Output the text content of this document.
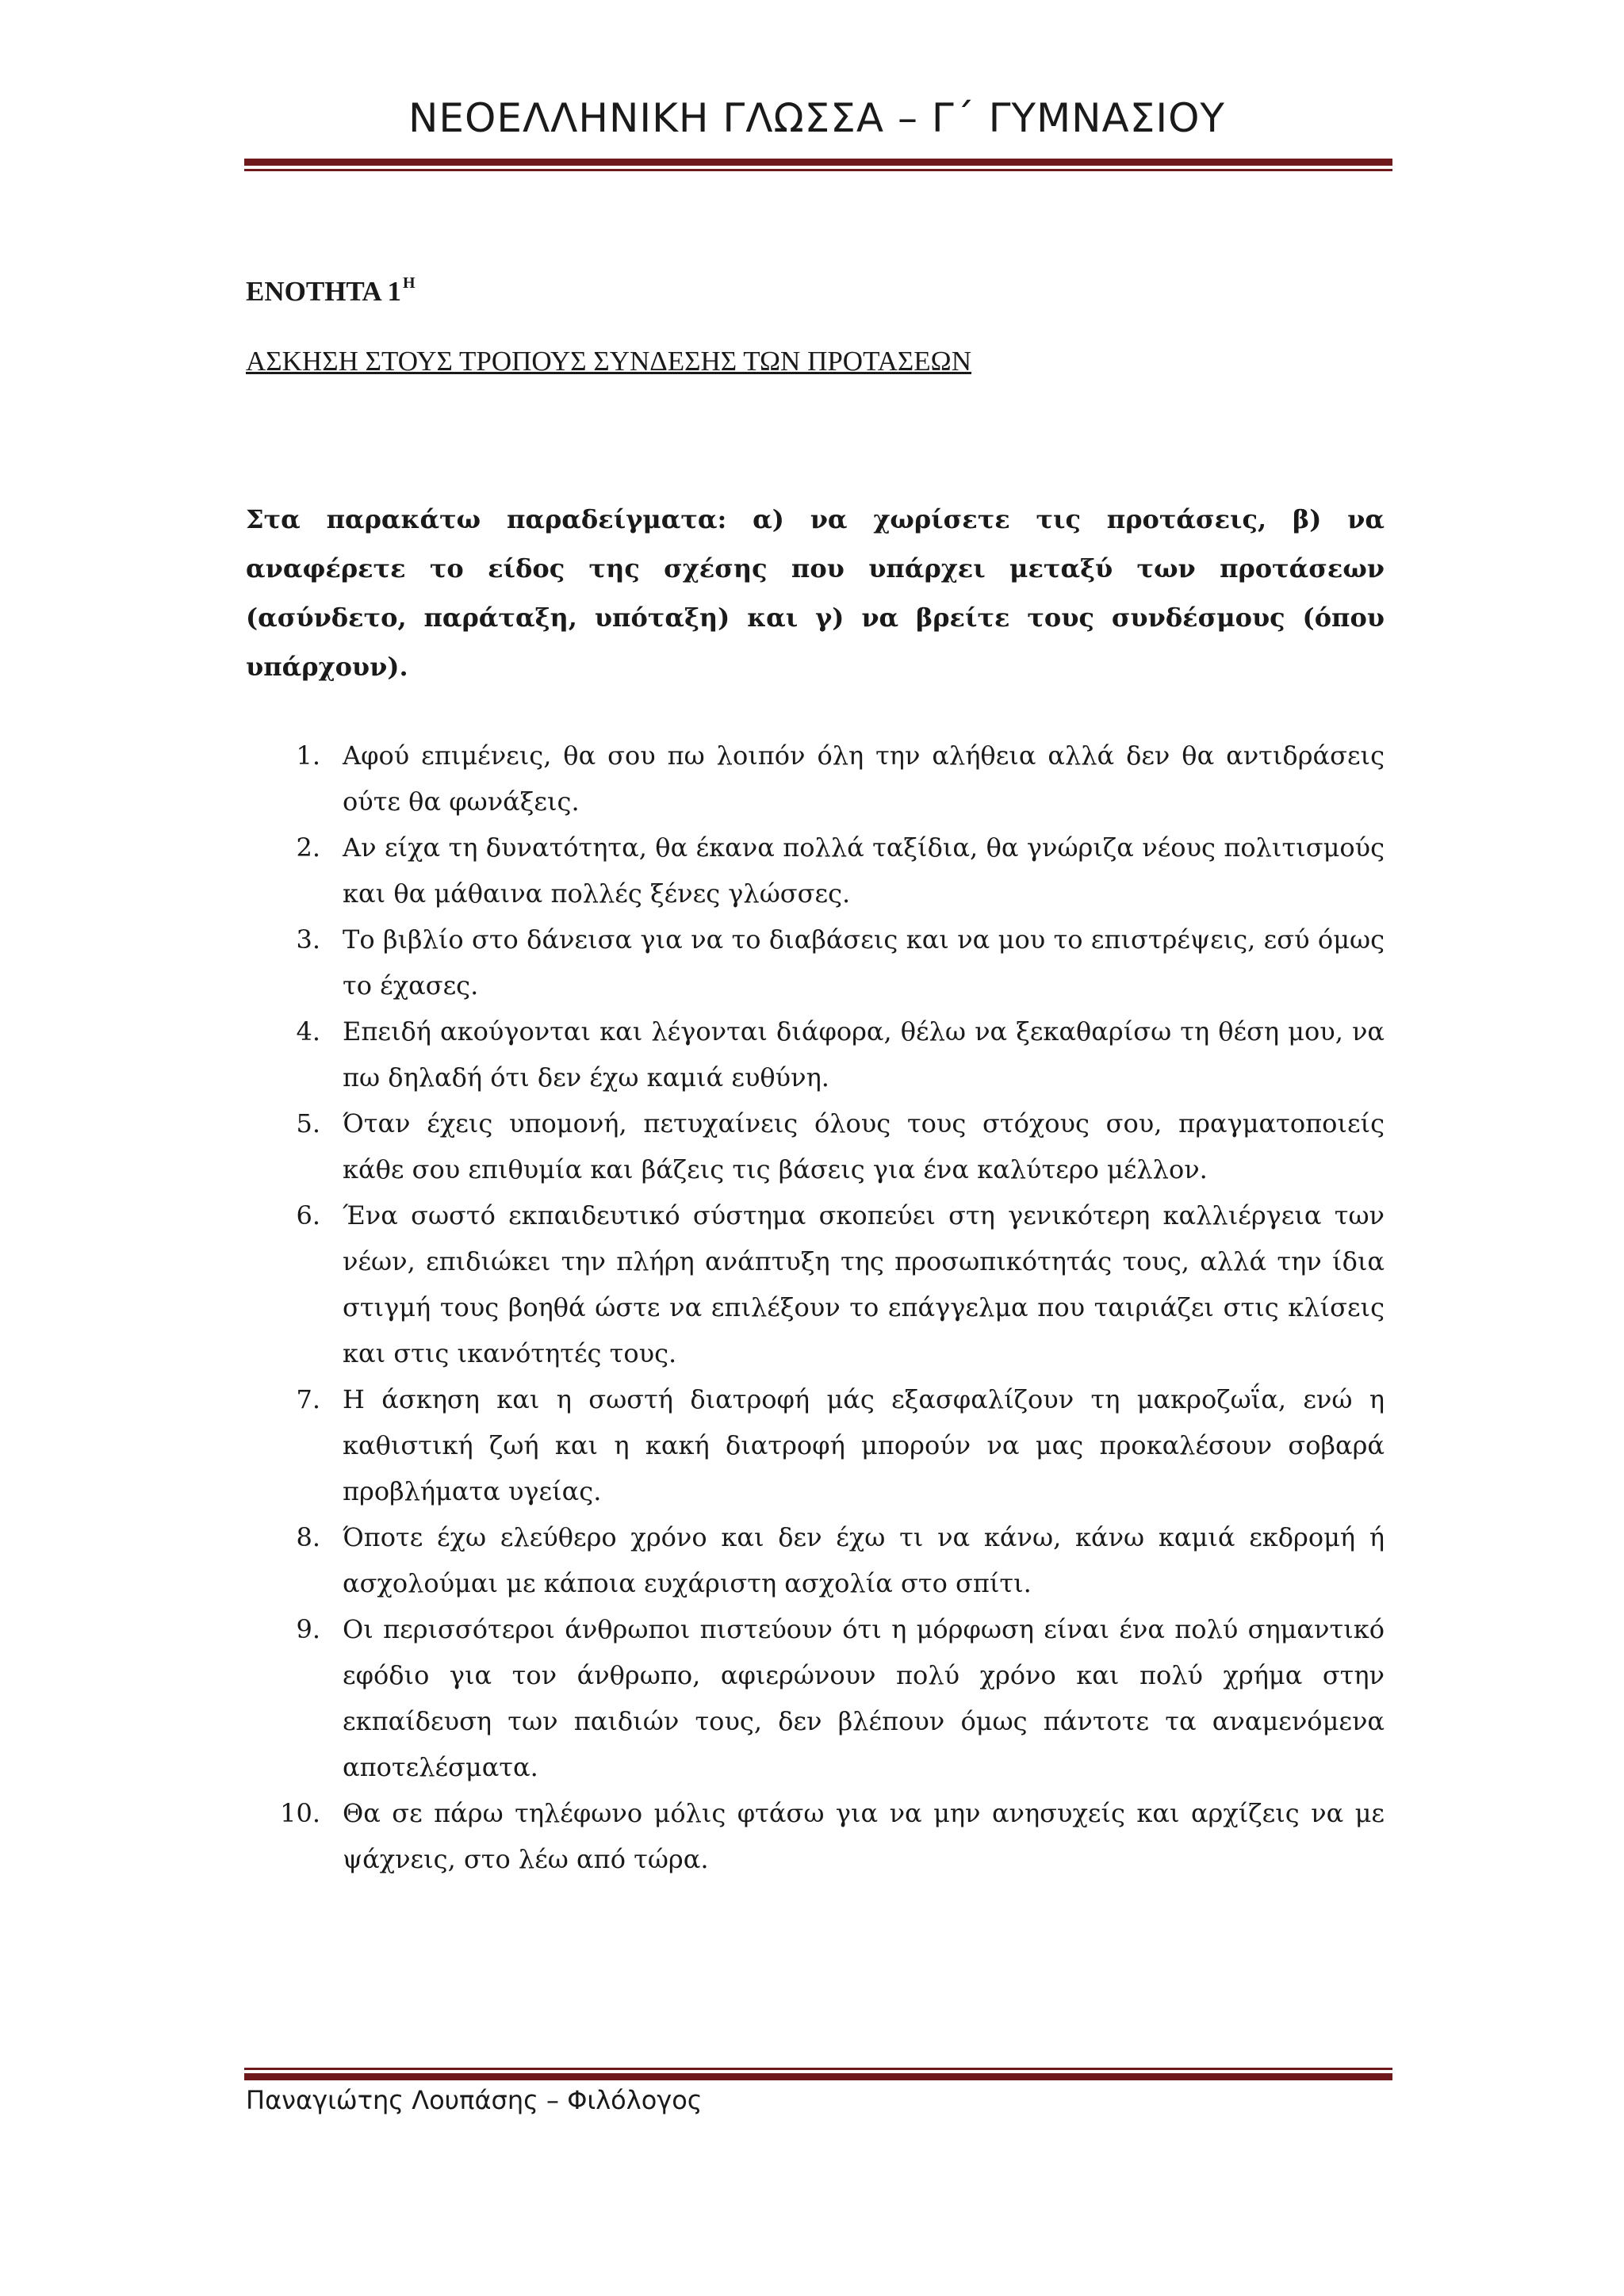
ΝΕΟΕΛΛΗΝΙΚΗ ΓΛΩΣΣΑ – Γ΄ ΓΥΜΝΑΣΙΟΥ
ΕΝΟΤΗΤΑ 1 $^H$
ΑΣΚΗΣΗ ΣΤΟΥΣ ΤΡΟΠΟΥΣ ΣΥΝΔΕΣΗΣ ΤΩΝ ΠΡΟΤΑΣΕΩΝ
Στα παρακάτω παραδείγματα: α) να χωρίσετε τις προτάσεις, β) να αναφέρετε το είδος της σχέσης που υπάρχει μεταξύ των προτάσεων (ασύνδετο, παράταξη, υπόταξη) και γ) να βρείτε τους συνδέσμους (όπου υπάρχουν).
1. Αφού επιμένεις, θα σου πω λοιπόν όλη την αλήθεια αλλά δεν θα αντιδράσεις ούτε θα φωνάξεις.
2. Αν είχα τη δυνατότητα, θα έκανα πολλά ταξίδια, θα γνώριζα νέους πολιτισμούς και θα μάθαινα πολλές ξένες γλώσσες.
3. Το βιβλίο στο δάνεισα για να το διαβάσεις και να μου το επιστρέψεις, εσύ όμως το έχασες.
4. Επειδή ακούγονται και λέγονται διάφορα, θέλω να ξεκαθαρίσω τη θέση μου, να πω δηλαδή ότι δεν έχω καμιά ευθύνη.
5. Όταν έχεις υπομονή, πετυχαίνεις όλους τους στόχους σου, πραγματοποιείς κάθε σου επιθυμία και βάζεις τις βάσεις για ένα καλύτερο μέλλον.
6. Ένα σωστό εκπαιδευτικό σύστημα σκοπεύει στη γενικότερη καλλιέργεια των νέων, επιδιώκει την πλήρη ανάπτυξη της προσωπικότητάς τους, αλλά την ίδια στιγμή τους βοηθά ώστε να επιλέξουν το επάγγελμα που ταιριάζει στις κλίσεις και στις ικανότητές τους.
7. Η άσκηση και η σωστή διατροφή μάς εξασφαλίζουν τη μακροζωΐα, ενώ η καθιστική ζωή και η κακή διατροφή μπορούν να μας προκαλέσουν σοβαρά προβλήματα υγείας.
8. Όποτε έχω ελεύθερο χρόνο και δεν έχω τι να κάνω, κάνω καμιά εκδρομή ή ασχολούμαι με κάποια ευχάριστη ασχολία στο σπίτι.
9. Οι περισσότεροι άνθρωποι πιστεύουν ότι η μόρφωση είναι ένα πολύ σημαντικό εφόδιο για τον άνθρωπο, αφιερώνουν πολύ χρόνο και πολύ χρήμα στην εκπαίδευση των παιδιών τους, δεν βλέπουν όμως πάντοτε τα αναμενόμενα αποτελέσματα.
10. Θα σε πάρω τηλέφωνο μόλις φτάσω για να μην ανησυχείς και αρχίζεις να με ψάχνεις, στο λέω από τώρα.
Παναγιώτης Λουπάσης – Φιλόλογος
